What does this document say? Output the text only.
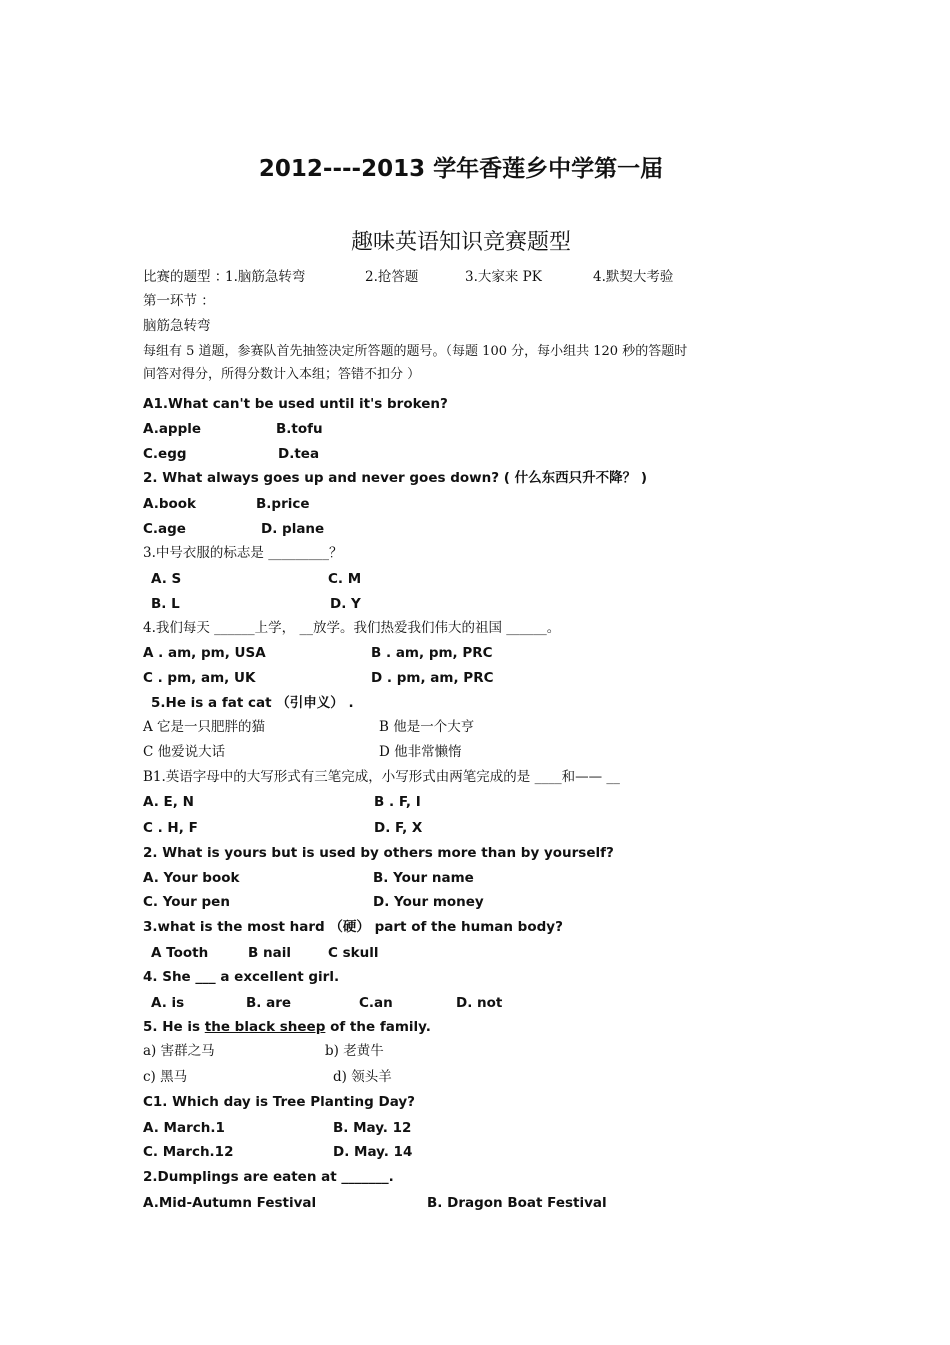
2012----2013 学年香莲乡中学第一届
趣味英语知识竞赛题型
比赛的题型 ：
1.脑筋急转弯	2.抢答题	3.大家来 PK	4.默契大考验
第一环节 ：
脑筋急转弯
每组有 5 道题，参赛队首先抽签决定所答题的题号。（每题 100 分，每小组共 120 秒的答题时
间答对得分，所得分数计入本组；答错不扣分 ）
A1.What can't be used until it's broken?
A.apple	B.tofu
C.egg	D.tea
2. What always goes up and never goes down? ( 什么东西只升不降？ )
A.book	B.price
C.age	D. plane
3.中号衣服的标志是 _________？
A. S	C. M
B. L	D. Y
4.我们每天 ______上学， __放学。我们热爱我们伟大的祖国 ______。
A . am, pm, USA	B . am, pm, PRC
C . pm, am, UK	D . pm, am, PRC
5.He is a fat cat （引申义） .
A 它是一只肥胖的猫	B 他是一个大亨
C 他爱说大话	D 他非常懒惰
B1.英语字母中的大写形式有三笔完成，小写形式由两笔完成的是 ____和—— __
A. E, N	B . F, I
C . H, F	D. F, X
2. What is yours but is used by others more than by yourself?
A. Your book	B. Your name
C. Your pen	D. Your money
3.what is the most hard （硬） part of the human body?
A Tooth	B nail	C skull
4. She ___ a excellent girl.
A. is	B. are	C.an	D. not
5. He is the black sheep of the family.
a) 害群之马	b) 老黄牛
c) 黑马	d) 领头羊
C1. Which day is Tree Planting Day?
A. March.1	B. May. 12
C. March.12	D. May. 14
2.Dumplings are eaten at _______.
A.Mid-Autumn Festival	B. Dragon Boat Festival
